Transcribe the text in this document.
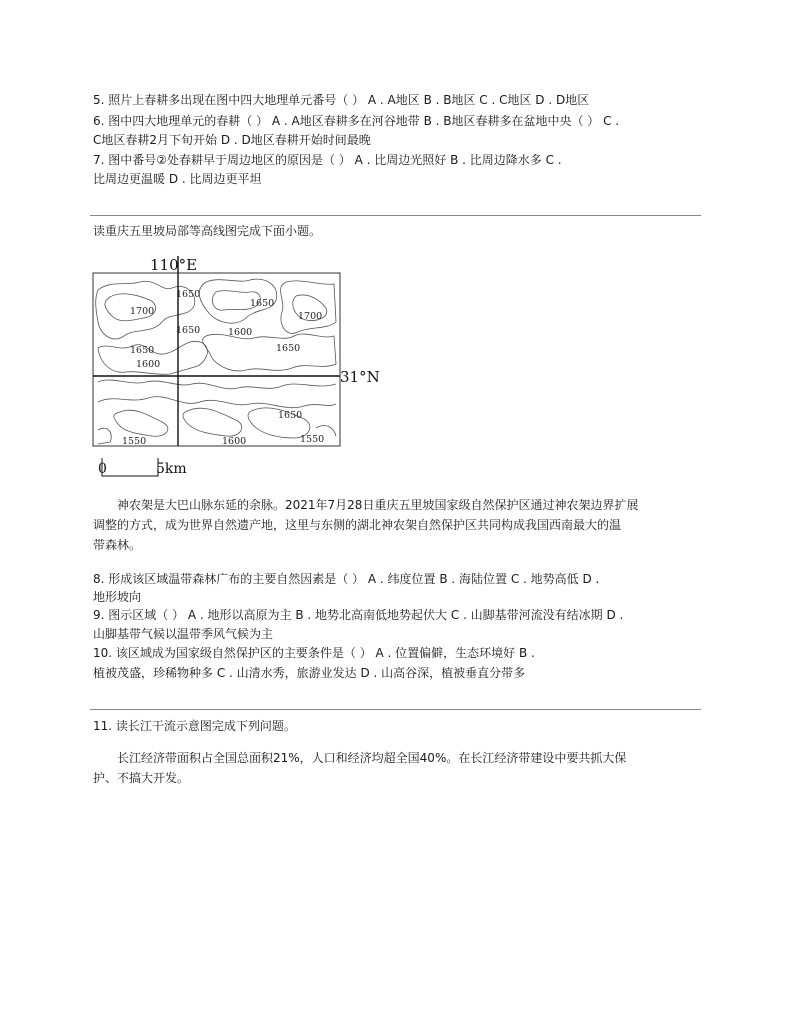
5. 照片上春耕多出现在图中四大地理单元番号（ ） A . A地区 B . B地区 C . C地区 D . D地区
6. 图中四大地理单元的春耕（ ） A . A地区春耕多在河谷地带 B . B地区春耕多在盆地中央（ ） C .
C地区春耕2月下旬开始 D . D地区春耕开始时间最晚
7. 图中番号②处春耕早于周边地区的原因是（ ） A . 比周边光照好 B . 比周边降水多 C .
比周边更温暖 D . 比周边更平坦
读重庆五里坡局部等高线图完成下面小题。
110°E
31°N
1650
1650
1700
1650	1600
1700
1650
1650
1600
1650
1550	1600	1550
0	5km
神农架是大巴山脉东延的余脉。2021年7月28日重庆五里坡国家级自然保护区通过神农架边界扩展
调整的方式，成为世界自然遗产地，这里与东侧的湖北神农架自然保护区共同构成我国西南最大的温
带森林。
8. 形成该区域温带森林广布的主要自然因素是（ ） A . 纬度位置 B . 海陆位置 C . 地势高低 D .
地形坡向
9. 图示区域（ ） A . 地形以高原为主 B . 地势北高南低地势起伏大 C . 山脚基带河流没有结冰期 D .
山脚基带气候以温带季风气候为主
10. 该区域成为国家级自然保护区的主要条件是（ ） A . 位置偏僻，生态环境好 B .
植被茂盛，珍稀物种多 C . 山清水秀，旅游业发达 D . 山高谷深，植被垂直分带多
11. 读长江干流示意图完成下列问题。
长江经济带面积占全国总面积21%，人口和经济均超全国40%。在长江经济带建设中要共抓大保
护、不搞大开发。
